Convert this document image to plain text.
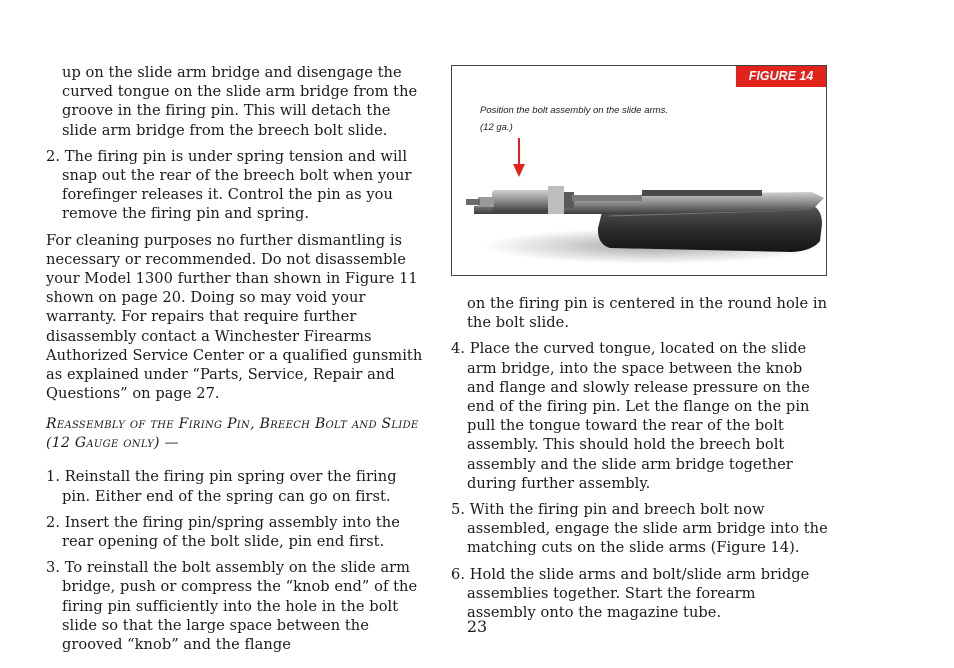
up on the slide arm bridge and disengage the curved tongue on the slide arm bridge from the groove in the firing pin. This will detach the slide arm bridge from the breech bolt slide.

2. The firing pin is under spring tension and will snap out the rear of the breech bolt when your forefinger releases it. Control the pin as you remove the firing pin and spring.

For cleaning purposes no further dismantling is necessary or recommended. Do not disassemble your Model 1300 further than shown in Figure 11 shown on page 20. Doing so may void your warranty. For repairs that require further disassembly contact a Winchester Firearms Authorized Service Center or a qualified gunsmith as explained under “Parts, Service, Repair and Questions” on page 27.

Reassembly of the Firing Pin, Breech Bolt and Slide (12 Gauge only) —

1. Reinstall the firing pin spring over the firing pin. Either end of the spring can go on first.

2. Insert the firing pin/spring assembly into the rear opening of the bolt slide, pin end first.

3. To reinstall the bolt assembly on the slide arm bridge, push or compress the “knob end” of the firing pin sufficiently into the hole in the bolt slide so that the large space between the grooved “knob” and the flange

FIGURE 14
Position the bolt assembly on the slide arms. (12 ga.)

on the firing pin is centered in the round hole in the bolt slide.

4. Place the curved tongue, located on the slide arm bridge, into the space between the knob and flange and slowly release pressure on the end of the firing pin. Let the flange on the pin pull the tongue toward the rear of the bolt assembly. This should hold the breech bolt assembly and the slide arm bridge together during further assembly.

5. With the firing pin and breech bolt now assembled, engage the slide arm bridge into the matching cuts on the slide arms (Figure 14).

6. Hold the slide arms and bolt/slide arm bridge assemblies together. Start the forearm assembly onto the magazine tube.

23
